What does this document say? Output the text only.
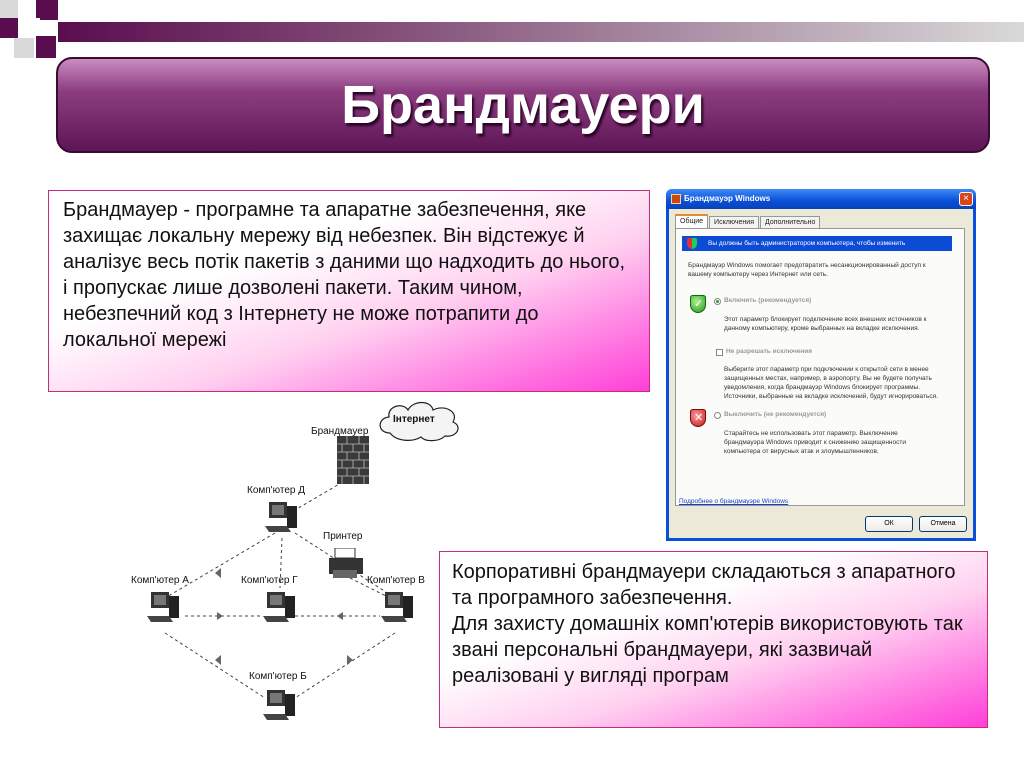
Брандмауери
Брандмауер - програмне та апаратне забезпечення, яке захищає локальну мережу від небезпек. Він відстежує й аналізує весь потік пакетів з даними що надходить до нього, і пропускає лише дозволені пакети. Таким чином, небезпечний код з Інтернету не може потрапити до локальної мережі
Брандмауэр Windows	×
Общие	Исключения	Дополнительно
Вы должны быть администратором компьютера, чтобы изменить
Брандмауэр Windows помогает предотвратить несанкционированный доступ к вашему компьютеру через Интернет или сеть.
✓
Включить (рекомендуется)
Этот параметр блокирует подключение всех внешних источников к данному компьютеру, кроме выбранных на вкладке исключения.
Не разрешать исключения
Выберите этот параметр при подключении к открытой сети в менее защищенных местах, например, в аэропорту. Вы не будете получать уведомления, когда брандмауэр Windows блокирует программы. Источники, выбранные на вкладке исключений, будут игнорироваться.
✕
Выключить (не рекомендуется)
Старайтесь не использовать этот параметр. Выключение брандмауэра Windows приводит к снижению защищенности компьютера от вирусных атак и злоумышленников.
Подробнее о брандмауэре Windows
ОК	Отмена
Інтернет
Брандмауер
Комп'ютер Д
Принтер
Комп'ютер А	Комп'ютер Г	Комп'ютер В
Комп'ютер Б

Корпоративні брандмауери складаються з апаратного та програмного забезпечення.

Для захисту домашніх комп'ютерів використовують так звані персональні брандмауери, які зазвичай реалізовані у вигляді програм
